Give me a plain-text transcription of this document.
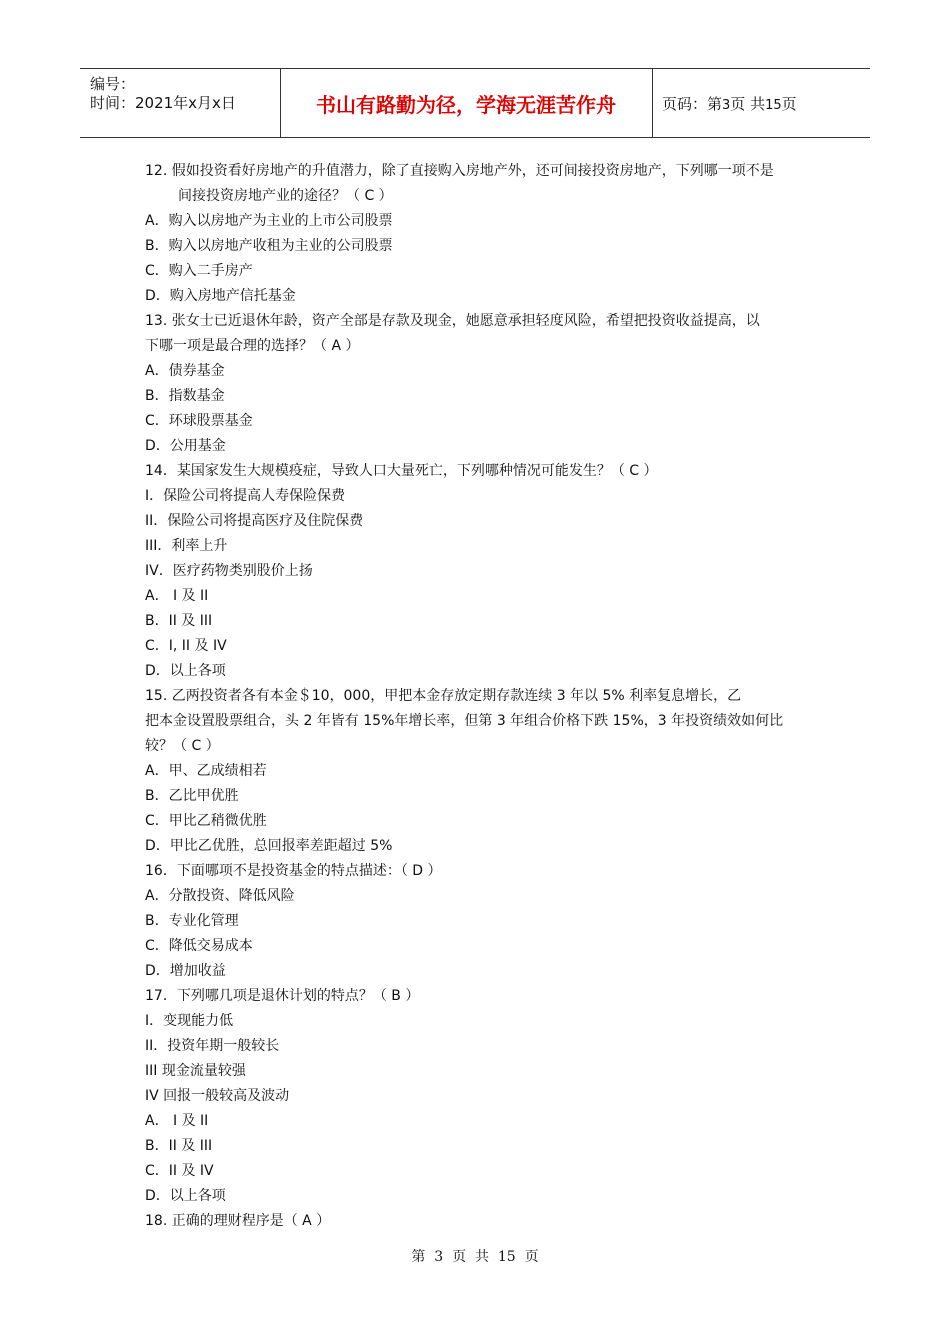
编号：
时间：2021年x月x日	书山有路勤为径，学海无涯苦作舟	页码：第3页 共15页
12. 假如投资看好房地产的升值潜力，除了直接购入房地产外，还可间接投资房地产，下列哪一项不是
间接投资房地产业的途径？（ C ）
A．购入以房地产为主业的上市公司股票
B．购入以房地产收租为主业的公司股票
C．购入二手房产
D．购入房地产信托基金
13. 张女士已近退休年龄，资产全部是存款及现金，她愿意承担轻度风险，希望把投资收益提高，以
下哪一项是最合理的选择？（ A ）
A．债券基金
B．指数基金
C．环球股票基金
D．公用基金
14．某国家发生大规模疫症，导致人口大量死亡，下列哪种情况可能发生？（ C ）
I．保险公司将提高人寿保险保费
II．保险公司将提高医疗及住院保费
III．利率上升
IV．医疗药物类别股价上扬
A． I 及 II
B．II 及 III
C．I, II 及 IV
D．以上各项
15. 乙两投资者各有本金＄10，000，甲把本金存放定期存款连续 3 年以 5% 利率复息增长，乙
把本金设置股票组合，头 2 年皆有 15%年增长率，但第 3 年组合价格下跌 15%，3 年投资绩效如何比
较？（ C ）
A．甲、乙成绩相若
B．乙比甲优胜
C．甲比乙稍微优胜
D．甲比乙优胜，总回报率差距超过 5%
16．下面哪项不是投资基金的特点描述：（ D ）
A．分散投资、降低风险
B．专业化管理
C．降低交易成本
D．增加收益
17．下列哪几项是退休计划的特点？（ B ）
I．变现能力低
II．投资年期一般较长
III 现金流量较强
IV 回报一般较高及波动
A． I 及 II
B．II 及 III
C．II 及 IV
D．以上各项
18. 正确的理财程序是（ A ）
第  3  页  共  15  页
